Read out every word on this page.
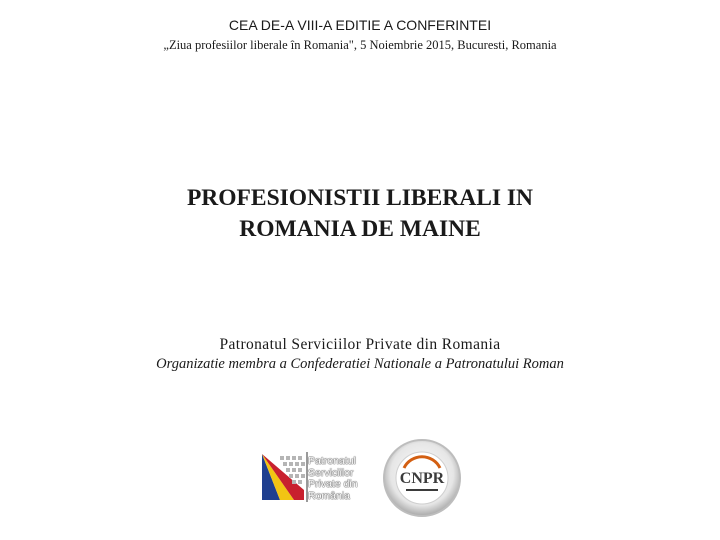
CEA DE-A VIII-A EDITIE A CONFERINTEI
„Ziua profesiilor liberale în Romania", 5 Noiembrie 2015, Bucuresti, Romania
PROFESIONISTII LIBERALI IN
ROMANIA DE MAINE
Patronatul Serviciilor Private din Romania
Organizatie membra a Confederatiei Nationale a Patronatului Roman
Patronatul
Serviciilor
Private din
România
CNPR
